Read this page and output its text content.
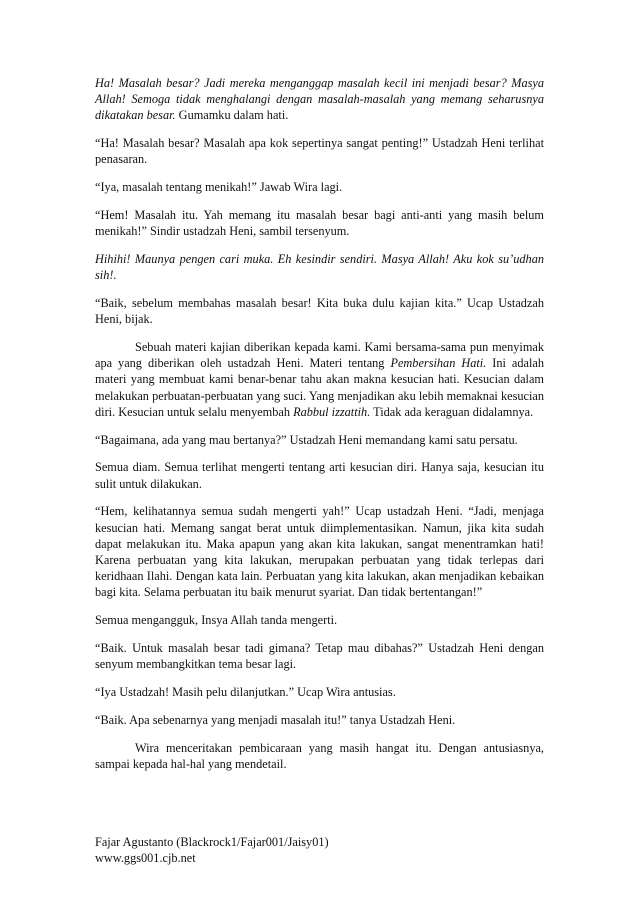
Ha! Masalah besar? Jadi mereka menganggap masalah kecil ini menjadi besar? Masya Allah! Semoga tidak menghalangi dengan masalah-masalah yang memang seharusnya dikatakan besar. Gumamku dalam hati.

“Ha! Masalah besar? Masalah apa kok sepertinya sangat penting!” Ustadzah Heni terlihat penasaran.

“Iya, masalah tentang menikah!” Jawab Wira lagi.

“Hem! Masalah itu. Yah memang itu masalah besar bagi anti-anti yang masih belum menikah!” Sindir ustadzah Heni, sambil tersenyum.

Hihihi! Maunya pengen cari muka. Eh kesindir sendiri. Masya Allah! Aku kok su’udhan sih!.

“Baik, sebelum membahas masalah besar! Kita buka dulu kajian kita.” Ucap Ustadzah Heni, bijak.

Sebuah materi kajian diberikan kepada kami. Kami bersama-sama pun menyimak apa yang diberikan oleh ustadzah Heni. Materi tentang Pembersihan Hati. Ini adalah materi yang membuat kami benar-benar tahu akan makna kesucian hati. Kesucian dalam melakukan perbuatan-perbuatan yang suci. Yang menjadikan aku lebih memaknai kesucian diri. Kesucian untuk selalu menyembah Rabbul izzattih. Tidak ada keraguan didalamnya.

“Bagaimana, ada yang mau bertanya?” Ustadzah Heni memandang kami satu persatu.

Semua diam. Semua terlihat mengerti tentang arti kesucian diri. Hanya saja, kesucian itu sulit untuk dilakukan.

“Hem, kelihatannya semua sudah mengerti yah!” Ucap ustadzah Heni. “Jadi, menjaga kesucian hati. Memang sangat berat untuk diimplementasikan. Namun, jika kita sudah dapat melakukan itu. Maka apapun yang akan kita lakukan, sangat menentramkan hati! Karena perbuatan yang kita lakukan, merupakan perbuatan yang tidak terlepas dari keridhaan Ilahi. Dengan kata lain. Perbuatan yang kita lakukan, akan menjadikan kebaikan bagi kita. Selama perbuatan itu baik menurut syariat. Dan tidak bertentangan!”

Semua mengangguk, Insya Allah tanda mengerti.

“Baik. Untuk masalah besar tadi gimana? Tetap mau dibahas?” Ustadzah Heni dengan senyum membangkitkan tema besar lagi.

“Iya Ustadzah! Masih pelu dilanjutkan.” Ucap Wira antusias.

“Baik. Apa sebenarnya yang menjadi masalah itu!” tanya Ustadzah Heni.

Wira menceritakan pembicaraan yang masih hangat itu. Dengan antusiasnya, sampai kepada hal-hal yang mendetail.

Fajar Agustanto (Blackrock1/Fajar001/Jaisy01)
www.ggs001.cjb.net
